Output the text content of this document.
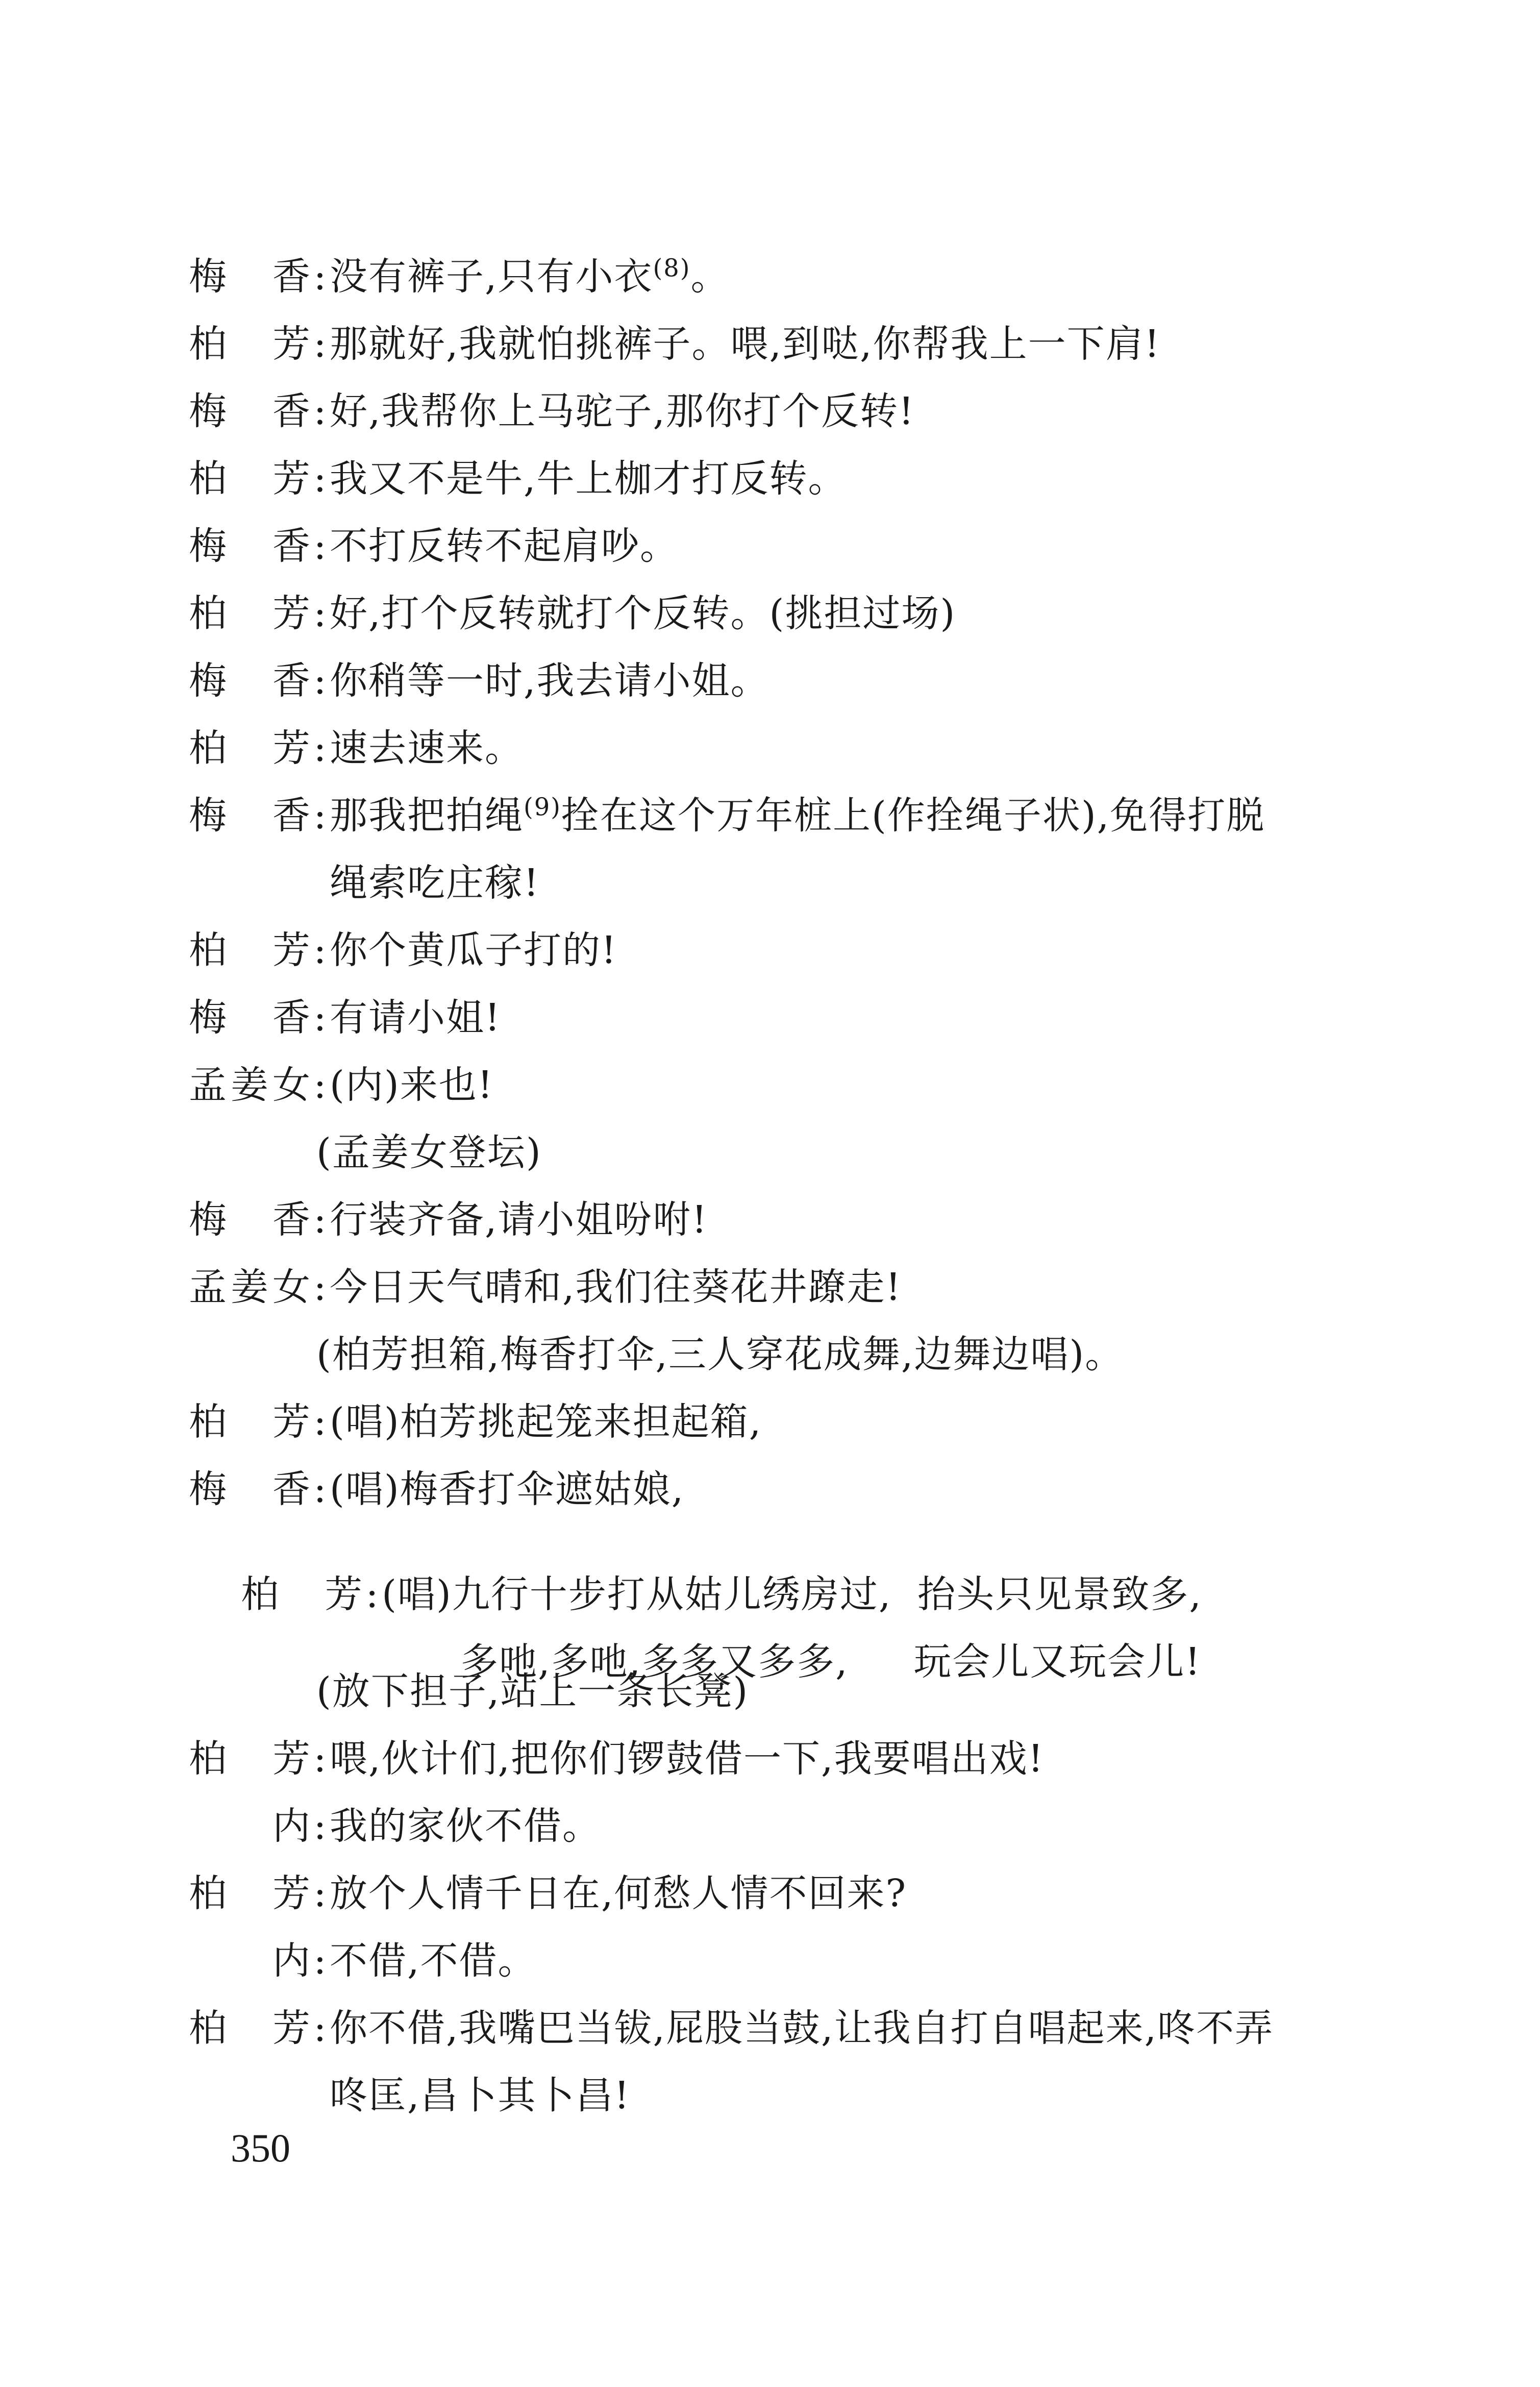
梅香:没有裤子,只有小衣$^{(8)}$。
柏芳:那就好,我就怕挑裤子。喂,到哒,你帮我上一下肩!
梅香:好,我帮你上马驼子,那你打个反转!
柏芳:我又不是牛,牛上枷才打反转。
梅香:不打反转不起肩吵。
柏芳:好,打个反转就打个反转。(挑担过场)
梅香:你稍等一时,我去请小姐。
柏芳:速去速来。
梅香:那我把拍绳$^{(9)}$拴在这个万年桩上(作拴绳子状),免得打脱
绳索吃庄稼!
柏芳:你个黄瓜子打的!
梅香:有请小姐!
孟姜女:(内)来也!
(孟姜女登坛)
梅香:行装齐备,请小姐吩咐!
孟姜女:今日天气晴和,我们往葵花井蹽走!
(柏芳担箱,梅香打伞,三人穿花成舞,边舞边唱)。
柏芳:(唱)柏芳挑起笼来担起箱,
梅香:(唱)梅香打伞遮姑娘,

柏芳:(唱)九行十步打从姑儿绣房过,  抬头只见景致多,

多吔,多吔,多多又多多,     玩会儿又玩会儿!

(放下担子,站上一条长凳)
柏芳:喂,伙计们,把你们锣鼓借一下,我要唱出戏!
内:我的家伙不借。
柏芳:放个人情千日在,何愁人情不回来?
内:不借,不借。
柏芳:你不借,我嘴巴当钹,屁股当鼓,让我自打自唱起来,咚不弄
咚匡,昌卜其卜昌!
350
